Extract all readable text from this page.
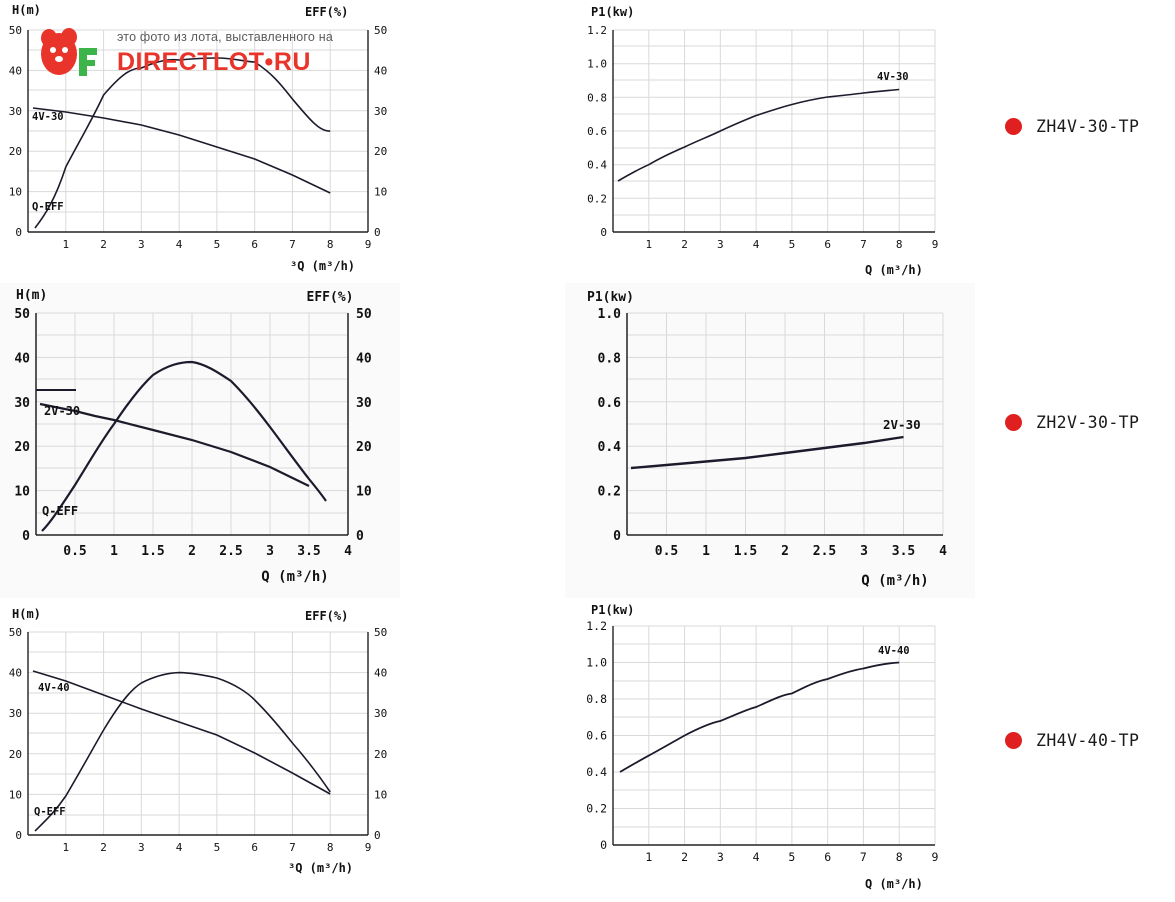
50
40
30
20
10
0
50
40
30
20
10
0
1	2	3	4	5	6	7	8	9
H(m)	EFF(%)
³Q (m³/h)
4V-30
Q-EFF
1.2
1.0
0.8
0.6
0.4
0.2
0
1	2	3	4	5	6	7	8	9
P1(kw)
Q (m³/h)
4V-30
50
40
30
20
10
0
50
40
30
20
10
0
0.5 1 1.5 2 2.5 3 3.5 4
H(m)	EFF(%)
Q (m³/h)
2V-30
Q-EFF
1.0
0.8
0.6
0.4
0.2
0
0.5 1 1.5 2 2.5 3 3.5 4
P1(kw)
Q (m³/h)
2V-30
50
40
30
20
10
0
50
40
30
20
10
0
1	2	3	4	5	6	7	8	9
H(m)	EFF(%)
³Q (m³/h)
4V-40
Q-EFF
1.2
1.0
0.8
0.6
0.4
0.2
0
1	2	3	4	5	6	7	8	9
P1(kw)
Q (m³/h)
4V-40
это фото из лота, выставленного на
DIRECTLOT•RU
ZH4V-30-TP
ZH2V-30-TP
ZH4V-40-TP
